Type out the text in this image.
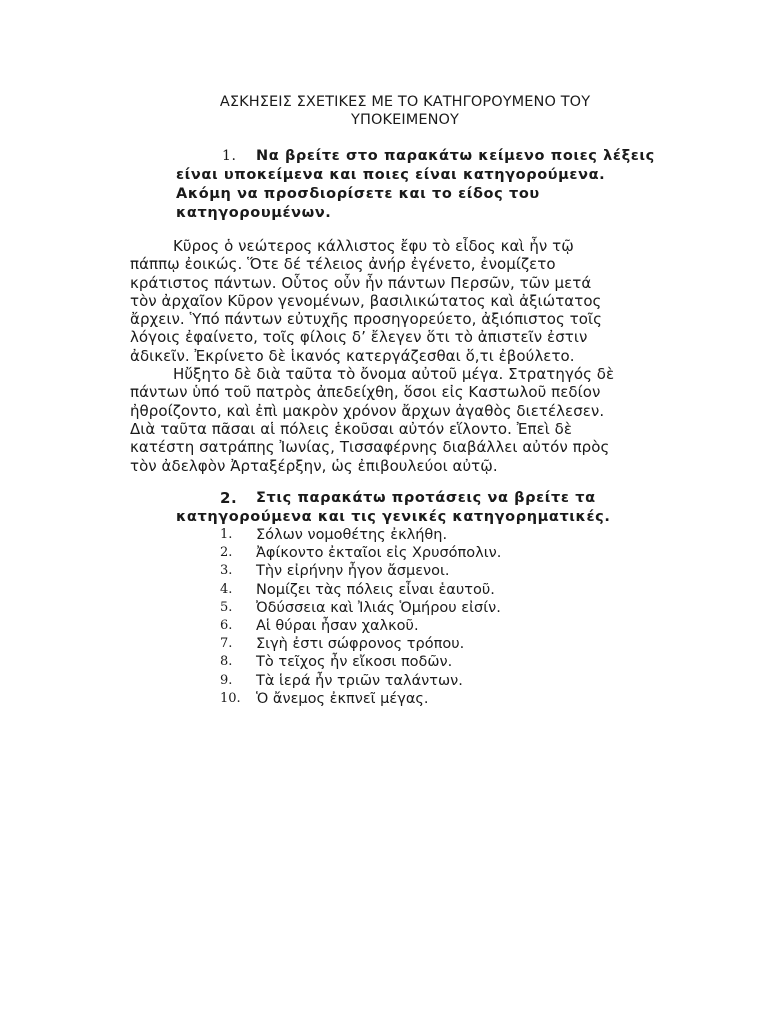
ΑΣΚΗΣΕΙΣ ΣΧΕΤΙΚΕΣ ΜΕ ΤΟ ΚΑΤΗΓΟΡΟΥΜΕΝΟ ΤΟΥ
ΥΠΟΚΕΙΜΕΝΟΥ
1.	Να βρείτε στο παρακάτω κείμενο ποιες λέξεις
είναι υποκείμενα και ποιες είναι κατηγορούμενα.
Ακόμη να προσδιορίσετε και το είδος του
κατηγορουμένων.
Κῦρος ὁ νεώτερος κάλλιστος ἔφυ τὸ εἶδος καὶ ἦν τῷ
πάππῳ ἐοικώς. Ὅτε δέ τέλειος ἀνήρ ἐγένετο, ἐνομίζετο
κράτιστος πάντων. Οὗτος οὖν ἦν πάντων Περσῶν, τῶν μετά
τὸν ἀρχαῖον Κῦρον γενομένων, βασιλικώτατος καὶ ἀξιώτατος
ἄρχειν. Ὑπό πάντων εὐτυχῆς προσηγορεύετο, ἀξιόπιστος τοῖς
λόγοις ἐφαίνετο, τοῖς φίλοις δ’ ἔλεγεν ὅτι τὸ ἀπιστεῖν ἐστιν
ἀδικεῖν. Ἐκρίνετο δὲ ἱκανός κατεργάζεσθαι ὅ,τι ἐβούλετο.
Ηὔξητο δὲ διὰ ταῦτα τὸ ὄνομα αὐτοῦ μέγα. Στρατηγός δὲ
πάντων ὑπό τοῦ πατρὸς ἀπεδείχθη, ὅσοι εἰς Καστωλοῦ πεδίον
ἠθροίζοντο, καὶ ἐπὶ μακρὸν χρόνον ἄρχων ἀγαθὸς διετέλεσεν.
Διὰ ταῦτα πᾶσαι αἱ πόλεις ἑκοῦσαι αὐτόν εἵλοντο. Ἐπεὶ δὲ
κατέστη σατράπης Ἰωνίας, Τισσαφέρνης διαβάλλει αὐτόν πρὸς
τὸν ἀδελφὸν Ἀρταξέρξην, ὡς ἐπιβουλεύοι αὐτῷ.
2.	Στις παρακάτω προτάσεις να βρείτε τα
κατηγορούμενα και τις γενικές κατηγορηματικές.
1. Σόλων νομοθέτης ἐκλήθη.
2. Ἀφίκοντο ἐκταῖοι εἰς Χρυσόπολιν.
3. Τὴν εἰρήνην ἦγον ἄσμενοι.
4. Νομίζει τὰς πόλεις εἶναι ἑαυτοῦ.
5. Ὀδύσσεια καὶ Ἰλιάς Ὁμήρου εἰσίν.
6. Αἱ θύραι ἦσαν χαλκοῦ.
7. Σιγὴ ἐστι σώφρονος τρόπου.
8. Τὸ τεῖχος ἦν εἴκοσι ποδῶν.
9. Τὰ ἱερά ἦν τριῶν ταλάντων.
10. Ὁ ἄνεμος ἐκπνεῖ μέγας.
